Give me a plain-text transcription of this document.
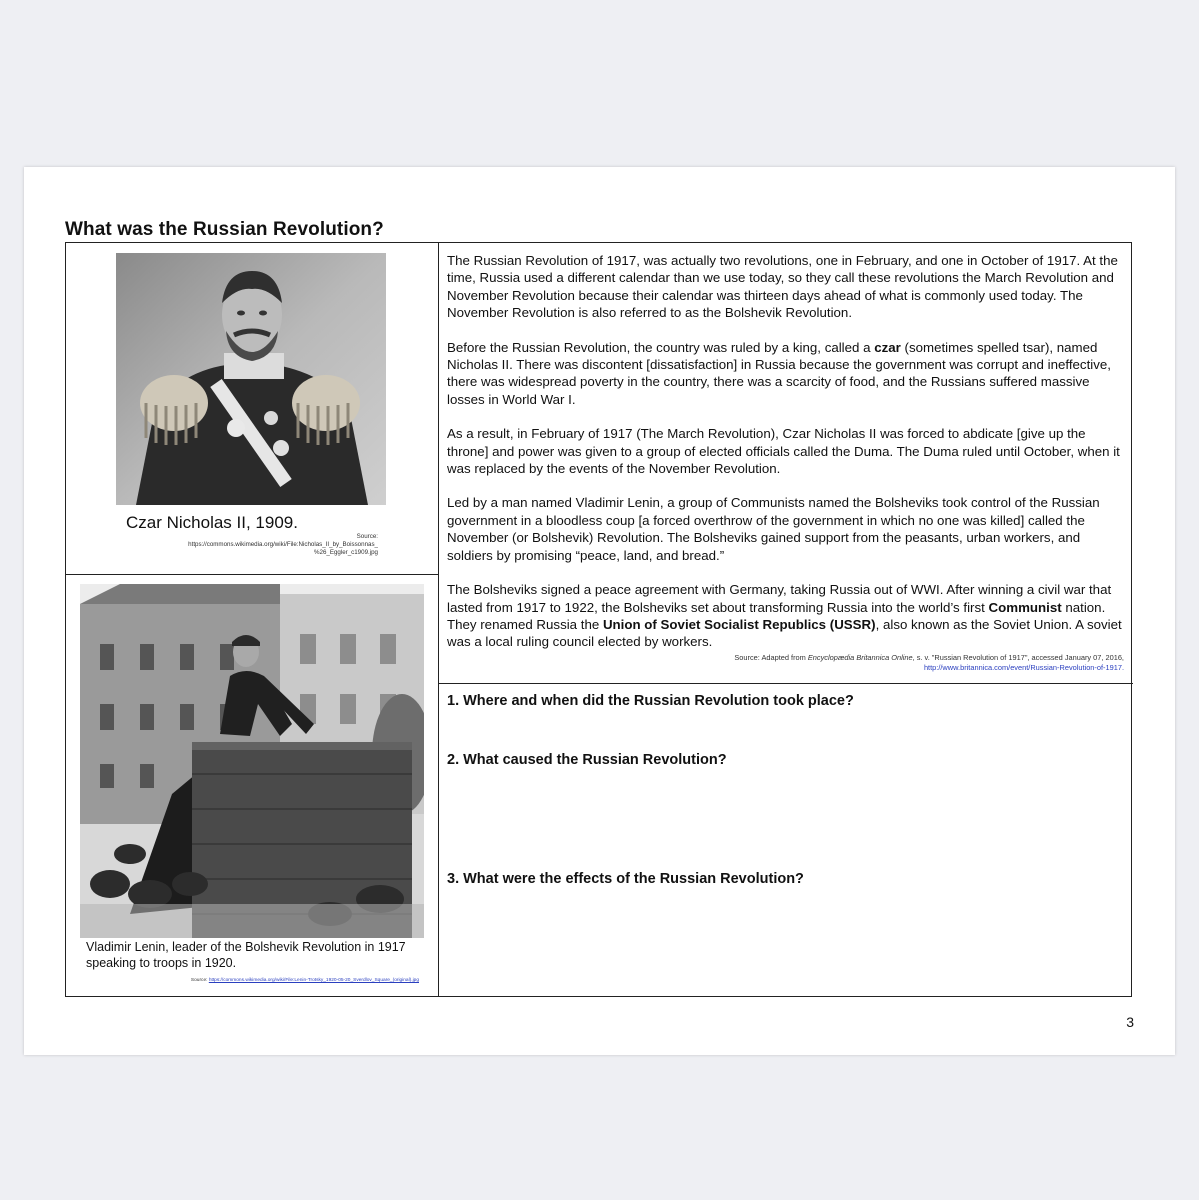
What was the Russian Revolution?
Czar Nicholas II, 1909.
Source:
https://commons.wikimedia.org/wiki/File:Nicholas_II_by_Boissonnas_
%26_Eggler_c1909.jpg
Vladimir Lenin, leader of the Bolshevik Revolution in 1917 speaking to troops in 1920.
Source: https://commons.wikimedia.org/wiki/File:Lenin-Trotsky_1920-05-20_Sverdlov_Square_(original).jpg

The Russian Revolution of 1917, was actually two revolutions, one in February, and one in October of 1917. At the time, Russia used a different calendar than we use today, so they call these revolutions the March Revolution and November Revolution because their calendar was thirteen days ahead of what is commonly used today. The November Revolution is also referred to as the Bolshevik Revolution.

Before the Russian Revolution, the country was ruled by a king, called a czar (sometimes spelled tsar), named Nicholas II. There was discontent [dissatisfaction] in Russia because the government was corrupt and ineffective, there was widespread poverty in the country, there was a scarcity of food, and the Russians suffered massive losses in World War I.

As a result, in February of 1917 (The March Revolution), Czar Nicholas II was forced to abdicate [give up the throne] and power was given to a group of elected officials called the Duma. The Duma ruled until October, when it was replaced by the events of the November Revolution.

Led by a man named Vladimir Lenin, a group of Communists named the Bolsheviks took control of the Russian government in a bloodless coup [a forced overthrow of the government in which no one was killed] called the November (or Bolshevik) Revolution. The Bolsheviks gained support from the peasants, urban workers, and soldiers by promising “peace, land, and bread.”

The Bolsheviks signed a peace agreement with Germany, taking Russia out of WWI. After winning a civil war that lasted from 1917 to 1922, the Bolsheviks set about transforming Russia into the world’s first Communist nation. They renamed Russia the Union of Soviet Socialist Republics (USSR), also known as the Soviet Union. A soviet was a local ruling council elected by workers.

Source: Adapted from Encyclopædia Britannica Online, s. v. "Russian Revolution of 1917", accessed January 07, 2016,
http://www.britannica.com/event/Russian-Revolution-of-1917.
1. Where and when did the Russian Revolution took place?
2. What caused the Russian Revolution?
3. What were the effects of the Russian Revolution?
3
